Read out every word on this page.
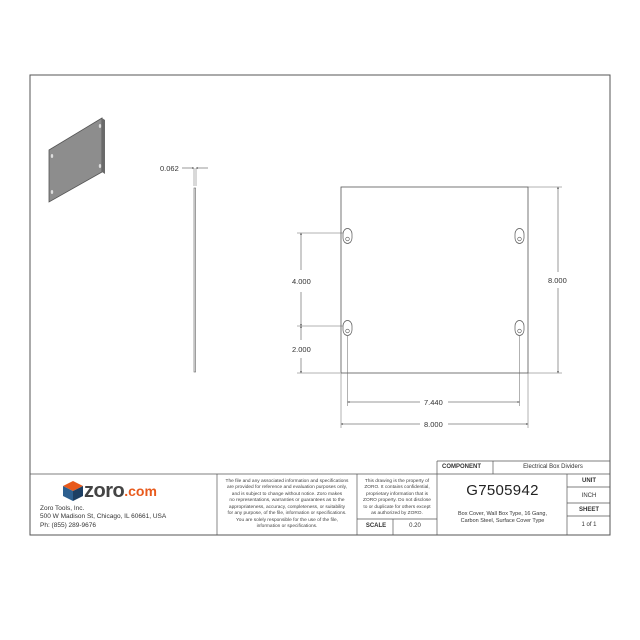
0.062
4.000
2.000
8.000
7.440
8.000
zoro .com
Zoro Tools, Inc.
500 W Madison St, Chicago, IL 60661, USA
Ph: (855) 289-9676
The file and any associated information and specifications
are provided for reference and evaluation purposes only,
and is subject to change without notice. Zoro makes
no representations, warranties or guarantees as to the
appropriateness, accuracy, completeness, or suitability
for any purpose, of the file, information or specifications.
You are solely responsible for the use of the file,
information or specifications.
This drawing is the property of
ZORO. It contains confidential,
proprietary information that is
ZORO property. Do not disclose
to or duplicate for others except
as authorized by ZORO.
COMPONENT	Electrical Box Dividers
G7505942
Box Cover, Wall Box Type, 16 Gang,
Carbon Steel, Surface Cover Type
SCALE	0.20
UNIT
INCH
SHEET
1 of 1
